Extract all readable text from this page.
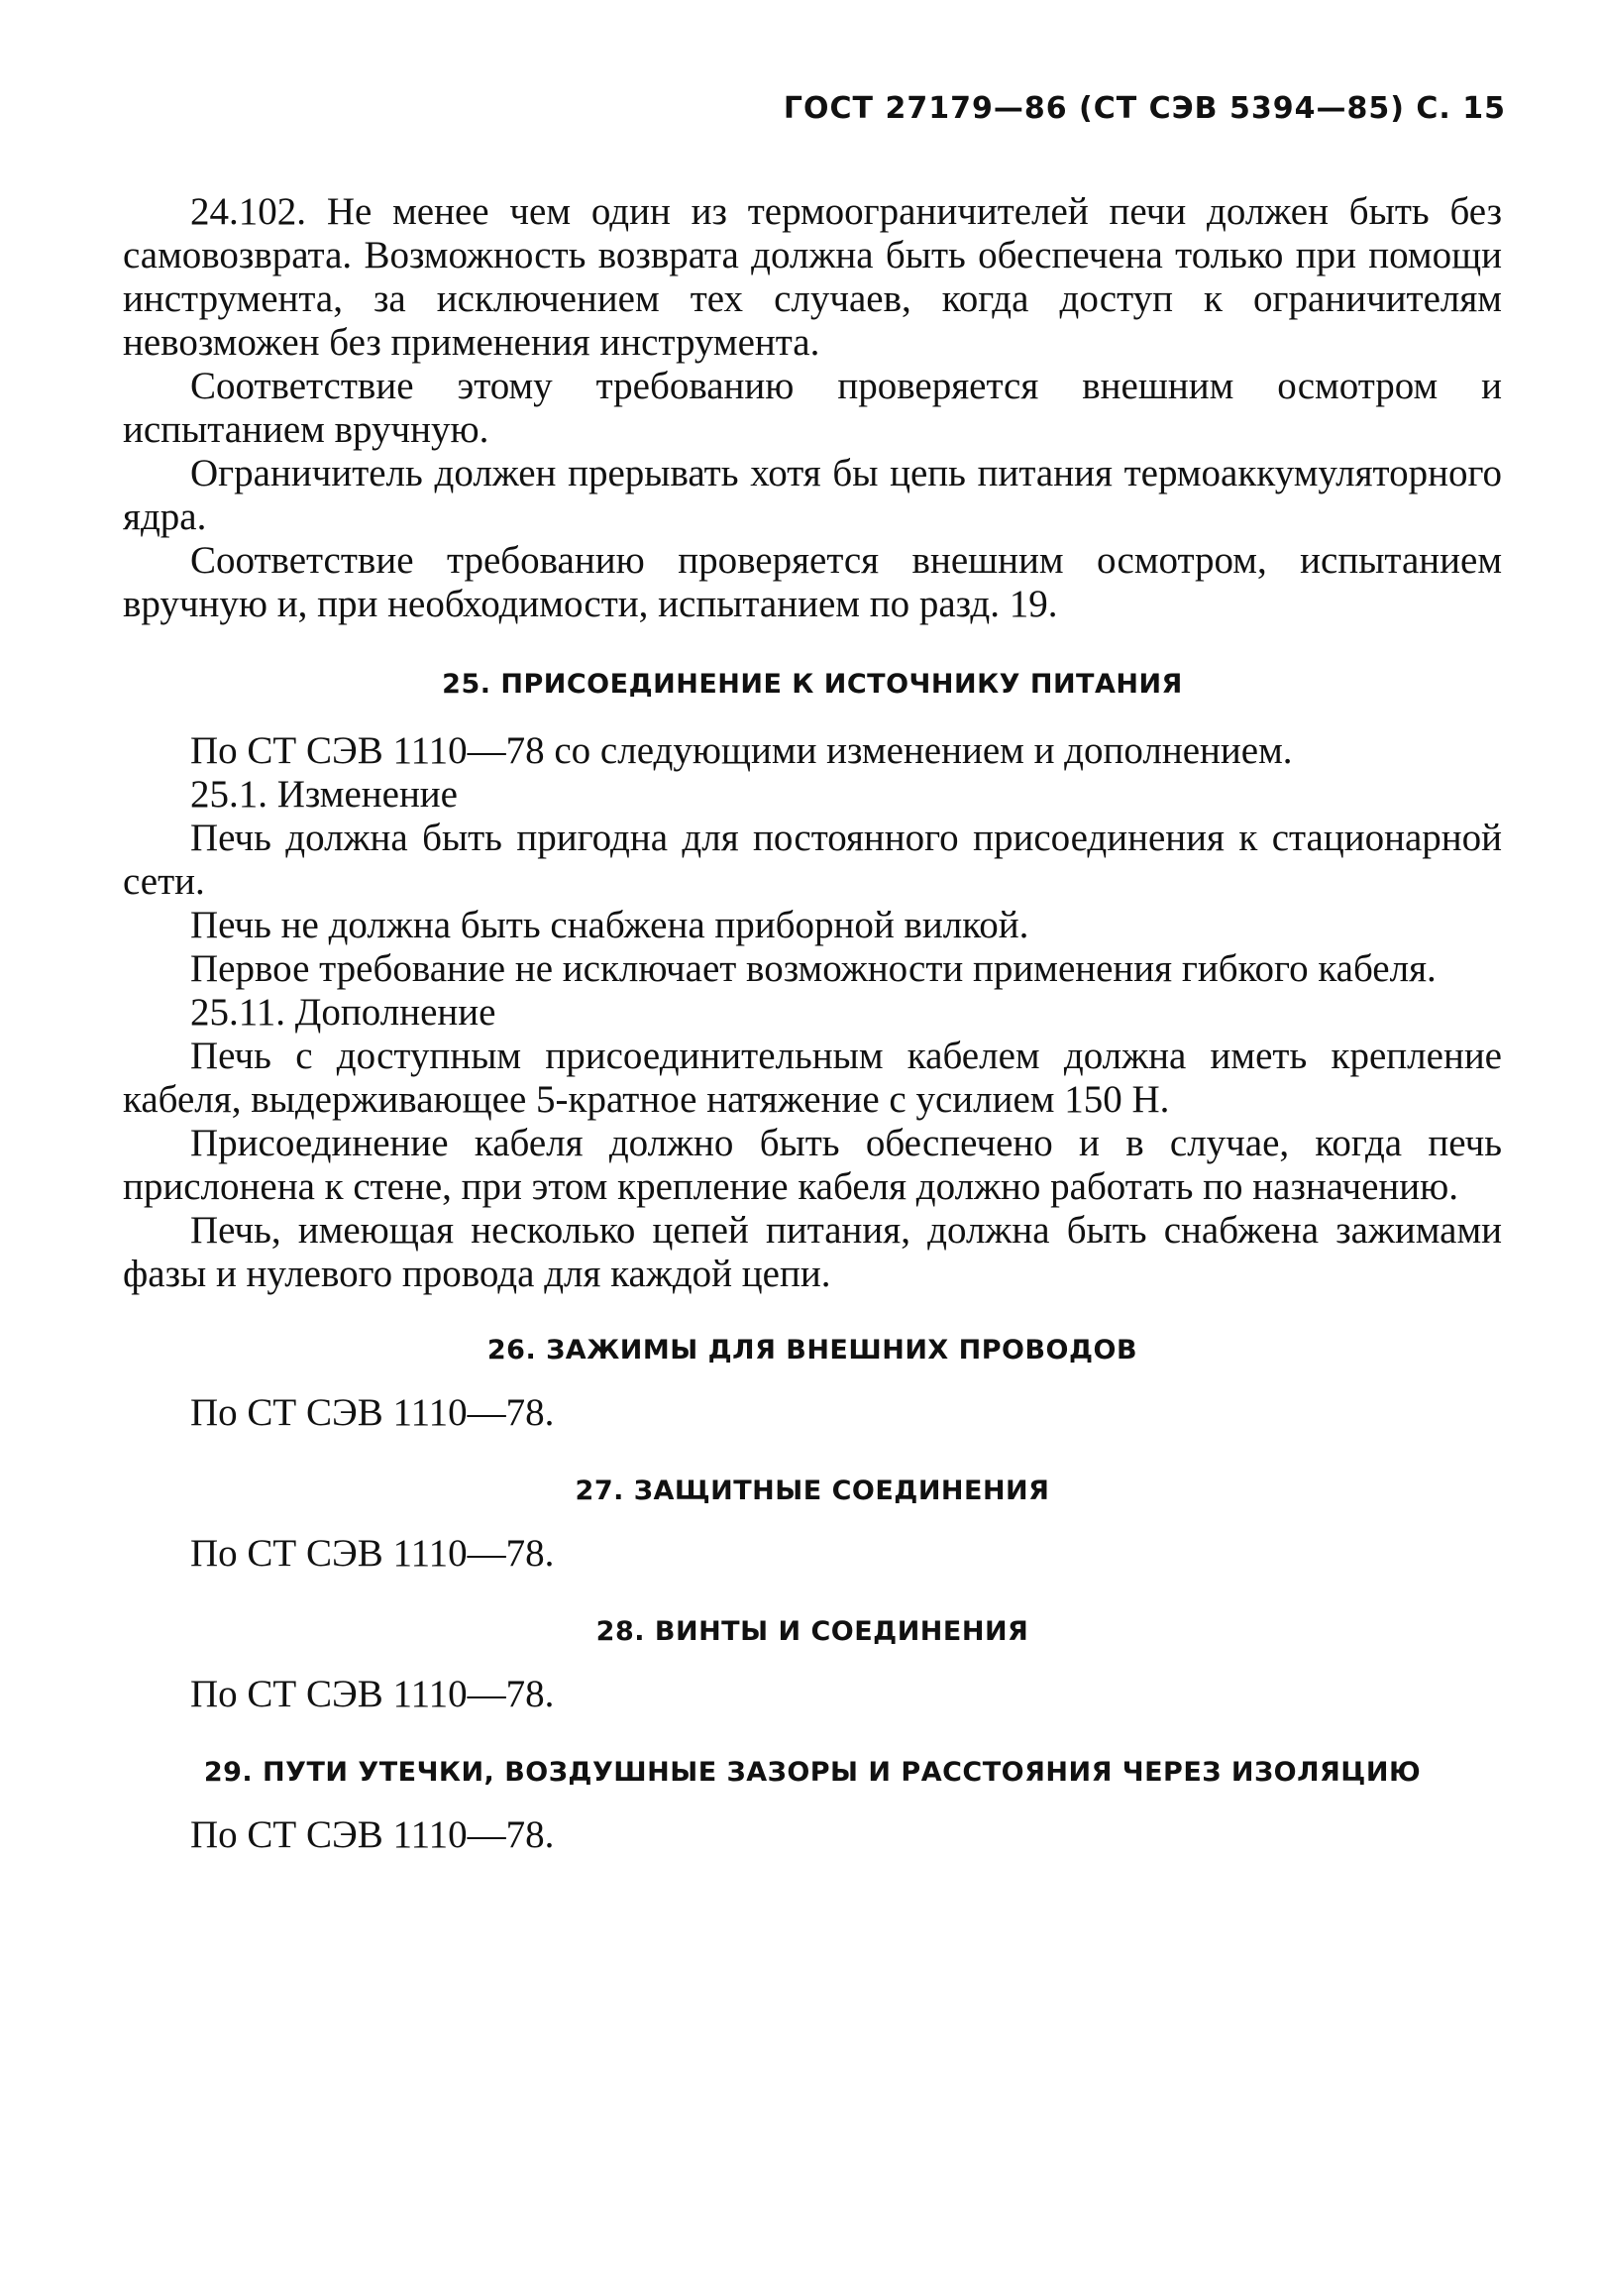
ГОСТ 27179—86 (СТ СЭВ 5394—85) С. 15

24.102. Не менее чем один из термоограничителей печи должен быть без самовозврата. Возможность возврата должна быть обеспечена только при помощи инструмента, за исключением тех случаев, когда доступ к ограничителям невозможен без применения инструмента.

Соответствие этому требованию проверяется внешним осмотром и испытанием вручную.

Ограничитель должен прерывать хотя бы цепь питания термоаккумуляторного ядра.

Соответствие требованию проверяется внешним осмотром, испытанием вручную и, при необходимости, испытанием по разд. 19.

25. ПРИСОЕДИНЕНИЕ К ИСТОЧНИКУ ПИТАНИЯ

По СТ СЭВ 1110—78 со следующими изменением и дополнением.

25.1. Изменение

Печь должна быть пригодна для постоянного присоединения к стационарной сети.

Печь не должна быть снабжена приборной вилкой.

Первое требование не исключает возможности применения гибкого кабеля.

25.11. Дополнение

Печь с доступным присоединительным кабелем должна иметь крепление кабеля, выдерживающее 5-кратное натяжение с усилием 150 Н.

Присоединение кабеля должно быть обеспечено и в случае, когда печь прислонена к стене, при этом крепление кабеля должно работать по назначению.

Печь, имеющая несколько цепей питания, должна быть снабжена зажимами фазы и нулевого провода для каждой цепи.

26. ЗАЖИМЫ ДЛЯ ВНЕШНИХ ПРОВОДОВ

По СТ СЭВ 1110—78.

27. ЗАЩИТНЫЕ СОЕДИНЕНИЯ

По СТ СЭВ 1110—78.

28. ВИНТЫ И СОЕДИНЕНИЯ

По СТ СЭВ 1110—78.

29. ПУТИ УТЕЧКИ, ВОЗДУШНЫЕ ЗАЗОРЫ И РАССТОЯНИЯ ЧЕРЕЗ ИЗОЛЯЦИЮ

По СТ СЭВ 1110—78.
